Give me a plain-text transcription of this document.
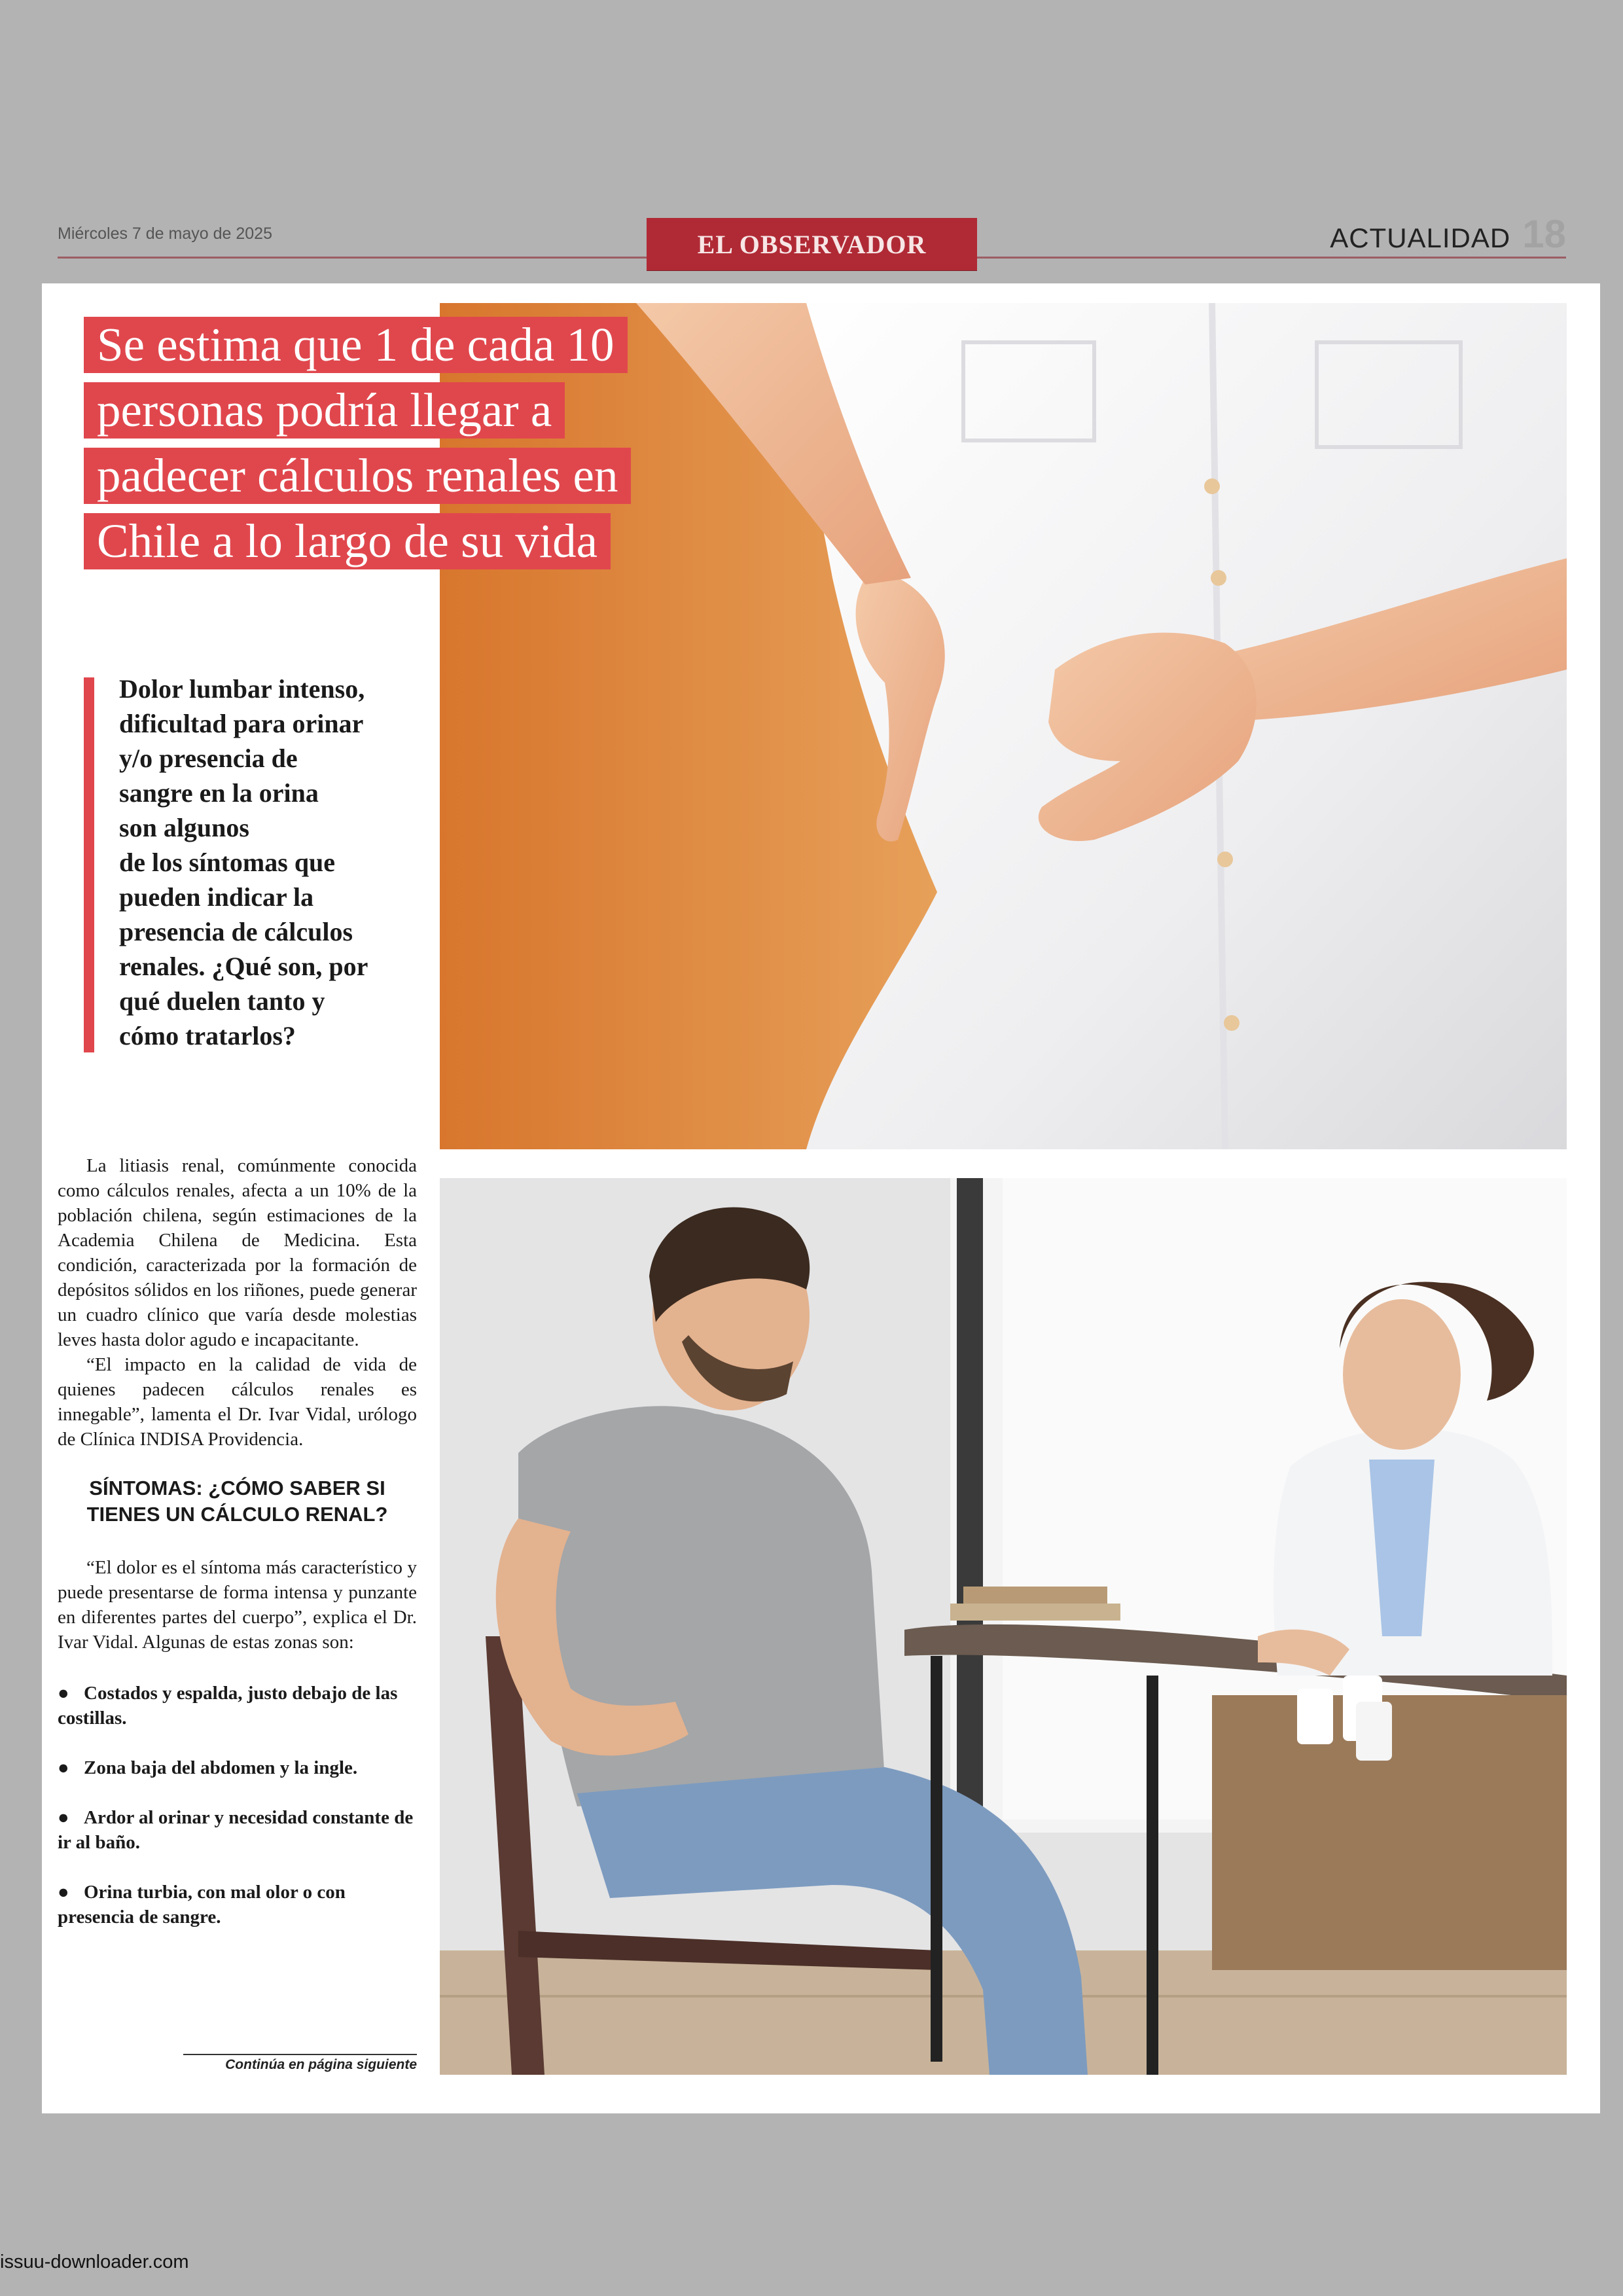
Miércoles 7 de mayo de 2025	EL OBSERVADOR	ACTUALIDAD 18
Se estima que 1 de cada 10
personas podría llegar a
padecer cálculos renales en
Chile a lo largo de su vida
Dolor lumbar intenso,
dificultad para orinar
y/o presencia de
sangre en la orina
son algunos
de los síntomas que
pueden indicar la
presencia de cálculos
renales. ¿Qué son, por
qué duelen tanto y
cómo tratarlos?

La litiasis renal, comúnmente conocida como cálculos renales, afecta a un 10% de la población chilena, según estimaciones de la Academia Chilena de Medicina. Esta condición, caracterizada por la formación de depósitos sólidos en los riñones, puede generar un cuadro clínico que varía desde molestias leves hasta dolor agudo e incapacitante.

“El impacto en la calidad de vida de quienes padecen cálculos renales es innegable”, lamenta el Dr. Ivar Vidal, urólogo de Clínica INDISA Providencia.

SÍNTOMAS: ¿CÓMO SABER SI TIENES UN CÁLCULO RENAL?

“El dolor es el síntoma más característico y puede presentarse de forma intensa y punzante en diferentes partes del cuerpo”, explica el Dr. Ivar Vidal. Algunas de estas zonas son:

● Costados y espalda, justo debajo de las costillas.
● Zona baja del abdomen y la ingle.
● Ardor al orinar y necesidad constante de ir al baño.
● Orina turbia, con mal olor o con presencia de sangre.
Continúa en página siguiente
issuu-downloader.com
